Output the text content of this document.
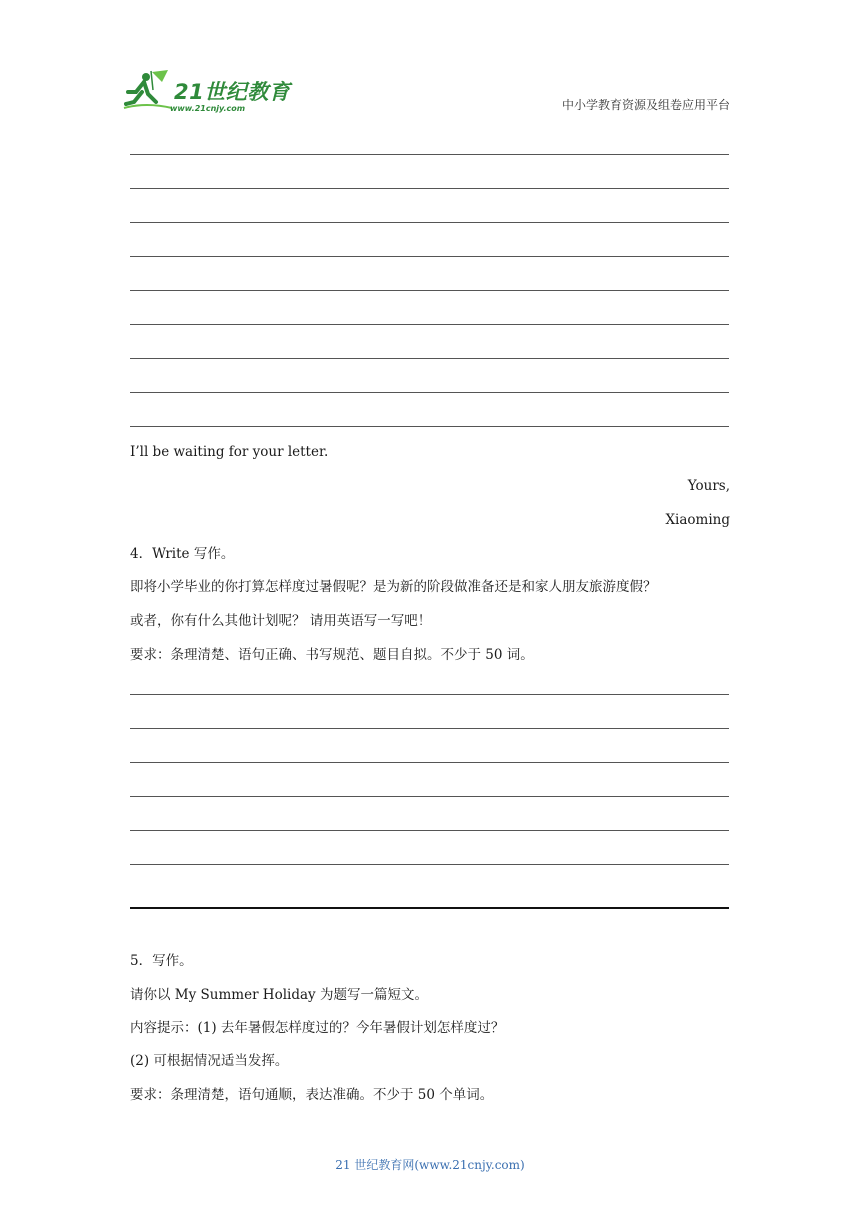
21世纪教育
www.21cnjy.com	中小学教育资源及组卷应用平台
I’ll be waiting for your letter.
Yours,
Xiaoming
4．Write 写作。
即将小学毕业的你打算怎样度过暑假呢？是为新的阶段做准备还是和家人朋友旅游度假？
或者，你有什么其他计划呢？ 请用英语写一写吧！
要求：条理清楚、语句正确、书写规范、题目自拟。不少于 50 词。
5．写作。
请你以 My Summer Holiday 为题写一篇短文。
内容提示：(1) 去年暑假怎样度过的？今年暑假计划怎样度过？
(2) 可根据情况适当发挥。
要求：条理清楚，语句通顺，表达准确。不少于 50 个单词。
21 世纪教育网(www.21cnjy.com)
